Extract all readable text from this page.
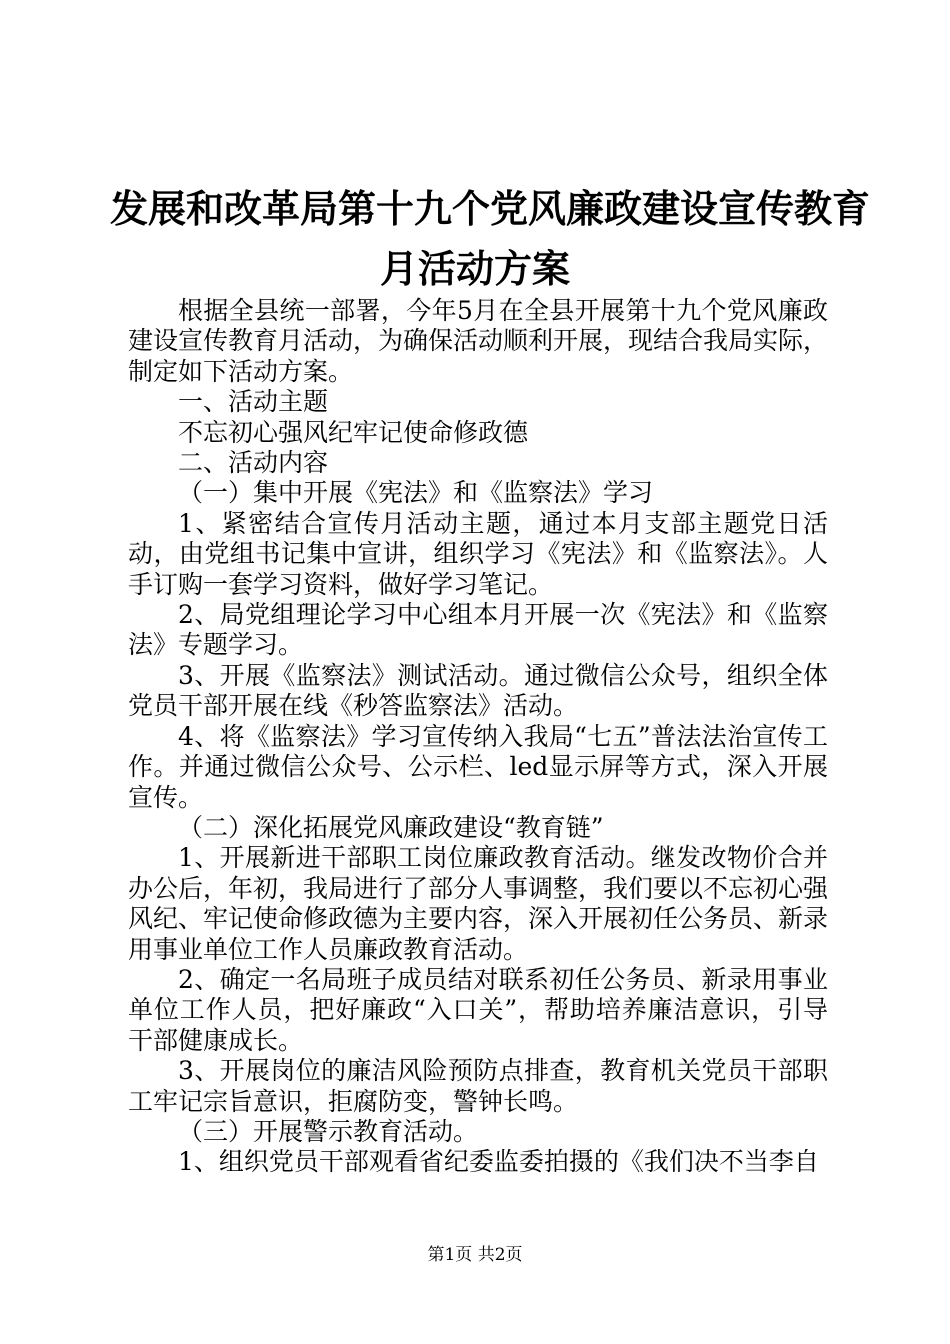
发展和改革局第十九个党风廉政建设宣传教育
月活动方案

根据全县统一部署，今年5月在全县开展第十九个党风廉政建设宣传教育月活动，为确保活动顺利开展，现结合我局实际，制定如下活动方案。

一、活动主题

不忘初心强风纪牢记使命修政德

二、活动内容

（一）集中开展《宪法》和《监察法》学习

1、紧密结合宣传月活动主题，通过本月支部主题党日活动，由党组书记集中宣讲，组织学习《宪法》和《监察法》。人手订购一套学习资料，做好学习笔记。

2、局党组理论学习中心组本月开展一次《宪法》和《监察法》专题学习。

3、开展《监察法》测试活动。通过微信公众号，组织全体党员干部开展在线《秒答监察法》活动。

4、将《监察法》学习宣传纳入我局“七五”普法法治宣传工作。并通过微信公众号、公示栏、led显示屏等方式，深入开展宣传。

（二）深化拓展党风廉政建设“教育链”

1、开展新进干部职工岗位廉政教育活动。继发改物价合并办公后，年初，我局进行了部分人事调整，我们要以不忘初心强风纪、牢记使命修政德为主要内容，深入开展初任公务员、新录用事业单位工作人员廉政教育活动。

2、确定一名局班子成员结对联系初任公务员、新录用事业单位工作人员，把好廉政“入口关”，帮助培养廉洁意识，引导干部健康成长。

3、开展岗位的廉洁风险预防点排查，教育机关党员干部职工牢记宗旨意识，拒腐防变，警钟长鸣。

（三）开展警示教育活动。

1、组织党员干部观看省纪委监委拍摄的《我们决不当李自

第1页 共2页
